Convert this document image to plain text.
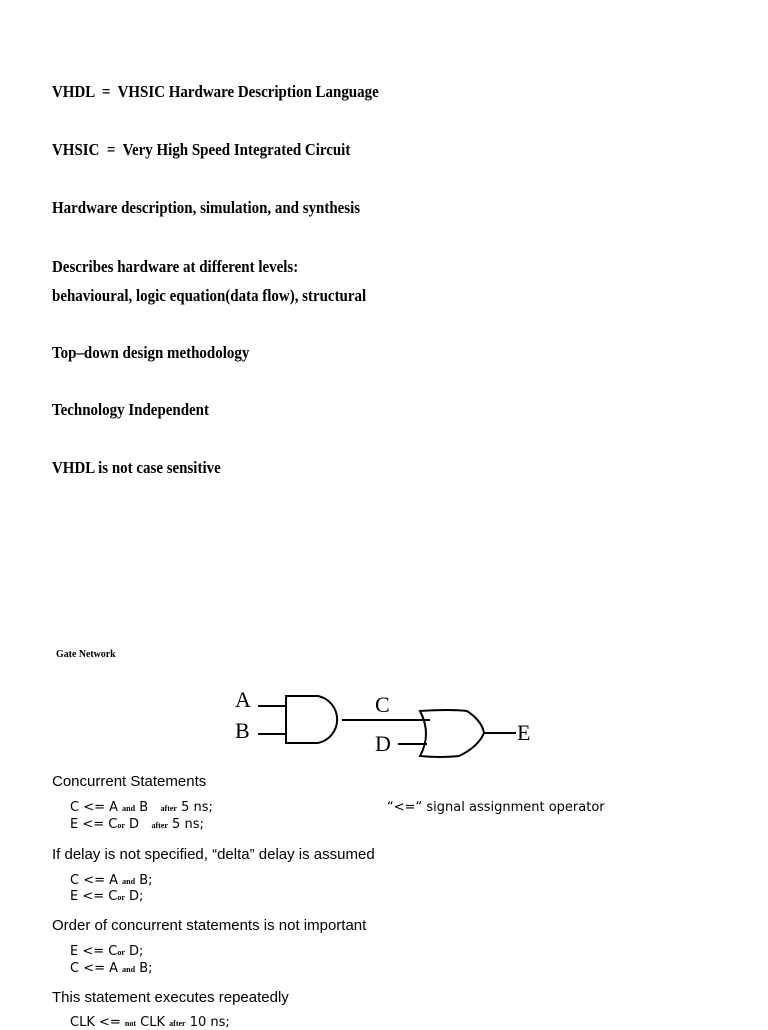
VHDL  =  VHSIC Hardware Description Language
VHSIC  =  Very High Speed Integrated Circuit
Hardware description, simulation, and synthesis
Describes hardware at different levels:
behavioural, logic equation(data flow), structural
Top–down design methodology
Technology Independent
VHDL is not case sensitive
Gate Network
A
B
C
D	E
Concurrent Statements
C <= A and B after 5 ns;
E <= Cor D after 5 ns;
“<=“ signal assignment operator
If delay is not specified, “delta” delay is assumed
C <= A and B;
E <= Cor D;
Order of concurrent statements is not important
E <= Cor D;
C <= A and B;
This statement executes repeatedly
CLK <= not CLK after 10 ns;
